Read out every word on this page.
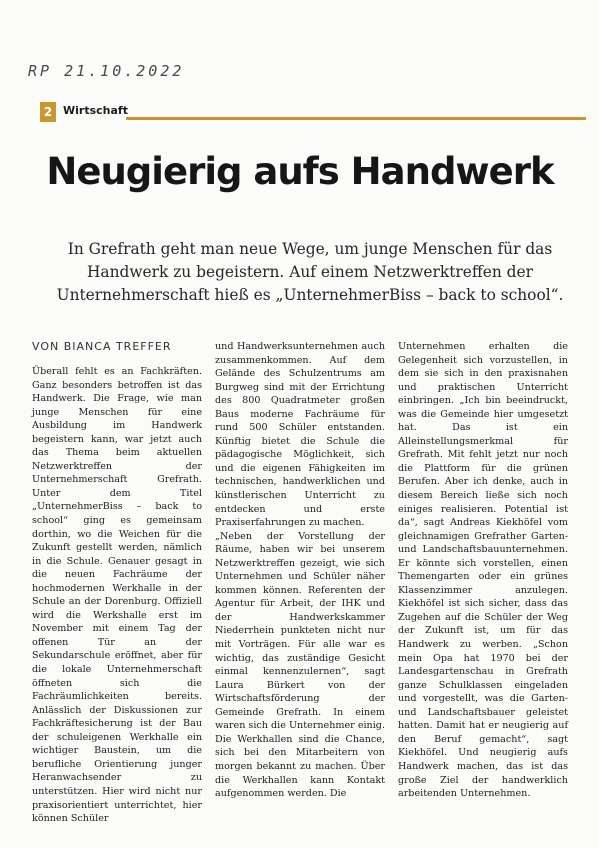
RP 21.10.2022
2 Wirtschaft
Neugierig aufs Handwerk
In Grefrath geht man neue Wege, um junge Menschen für das Handwerk zu begeistern. Auf einem Netzwerktreffen der Unternehmerschaft hieß es „UnternehmerBiss – back to school“.
VON BIANCA TREFFER

Überall fehlt es an Fachkräften. Ganz besonders betroffen ist das Handwerk. Die Frage, wie man junge Menschen für eine Ausbildung im Handwerk begeistern kann, war jetzt auch das Thema beim aktuellen Netzwerktreffen der Unternehmerschaft Grefrath. Unter dem Titel „UnternehmerBiss – back to school“ ging es gemeinsam dorthin, wo die Weichen für die Zukunft gestellt werden, nämlich in die Schule. Genauer gesagt in die neuen Fachräume der hochmodernen Werkhalle in der Schule an der Dorenburg. Offiziell wird die Werkshalle erst im November mit einem Tag der offenen Tür an der Sekundarschule eröffnet, aber für die lokale Unternehmerschaft öffneten sich die Fachräumlichkeiten bereits. Anlässlich der Diskussionen zur Fachkräftesicherung ist der Bau der schuleigenen Werkhalle ein wichtiger Baustein, um die berufliche Orientierung junger Heranwachsender zu unterstützen. Hier wird nicht nur praxisorientiert unterrichtet, hier können Schüler

und Handwerksunternehmen auch zusammenkommen. Auf dem Gelände des Schulzentrums am Burgweg sind mit der Errichtung des 800 Quadratmeter großen Baus moderne Fachräume für rund 500 Schüler entstanden. Künftig bietet die Schule die pädagogische Möglichkeit, sich und die eigenen Fähigkeiten im technischen, handwerklichen und künstlerischen Unterricht zu entdecken und erste Praxiserfahrungen zu machen.

„Neben der Vorstellung der Räume, haben wir bei unserem Netzwerktreffen gezeigt, wie sich Unternehmen und Schüler näher kommen können. Referenten der Agentur für Arbeit, der IHK und der Handwerkskammer Niederrhein punkteten nicht nur mit Vorträgen. Für alle war es wichtig, das zuständige Gesicht einmal kennenzulernen“, sagt Laura Bürkert von der Wirtschaftsförderung der Gemeinde Grefrath. In einem waren sich die Unternehmer einig. Die Werkhallen sind die Chance, sich bei den Mitarbeitern von morgen bekannt zu machen. Über die Werkhallen kann Kontakt aufgenommen werden. Die

Unternehmen erhalten die Gelegenheit sich vorzustellen, in dem sie sich in den praxisnahen und praktischen Unterricht einbringen. „Ich bin beeindruckt, was die Gemeinde hier umgesetzt hat. Das ist ein Alleinstellungsmerkmal für Grefrath. Mit fehlt jetzt nur noch die Plattform für die grünen Berufen. Aber ich denke, auch in diesem Bereich ließe sich noch einiges realisieren. Potential ist da“, sagt Andreas Kiekhöfel vom gleichnamigen Grefrather Garten- und Landschaftsbauunternehmen. Er könnte sich vorstellen, einen Themengarten oder ein grünes Klassenzimmer anzulegen. Kiekhöfel ist sich sicher, dass das Zugehen auf die Schüler der Weg der Zukunft ist, um für das Handwerk zu werben. „Schon mein Opa hat 1970 bei der Landesgartenschau in Grefrath ganze Schulklassen eingeladen und vorgestellt, was die Garten- und Landschaftsbauer geleistet hatten. Damit hat er neugierig auf den Beruf gemacht“, sagt Kiekhöfel. Und neugierig aufs Handwerk machen, das ist das große Ziel der handwerklich arbeitenden Unternehmen.
